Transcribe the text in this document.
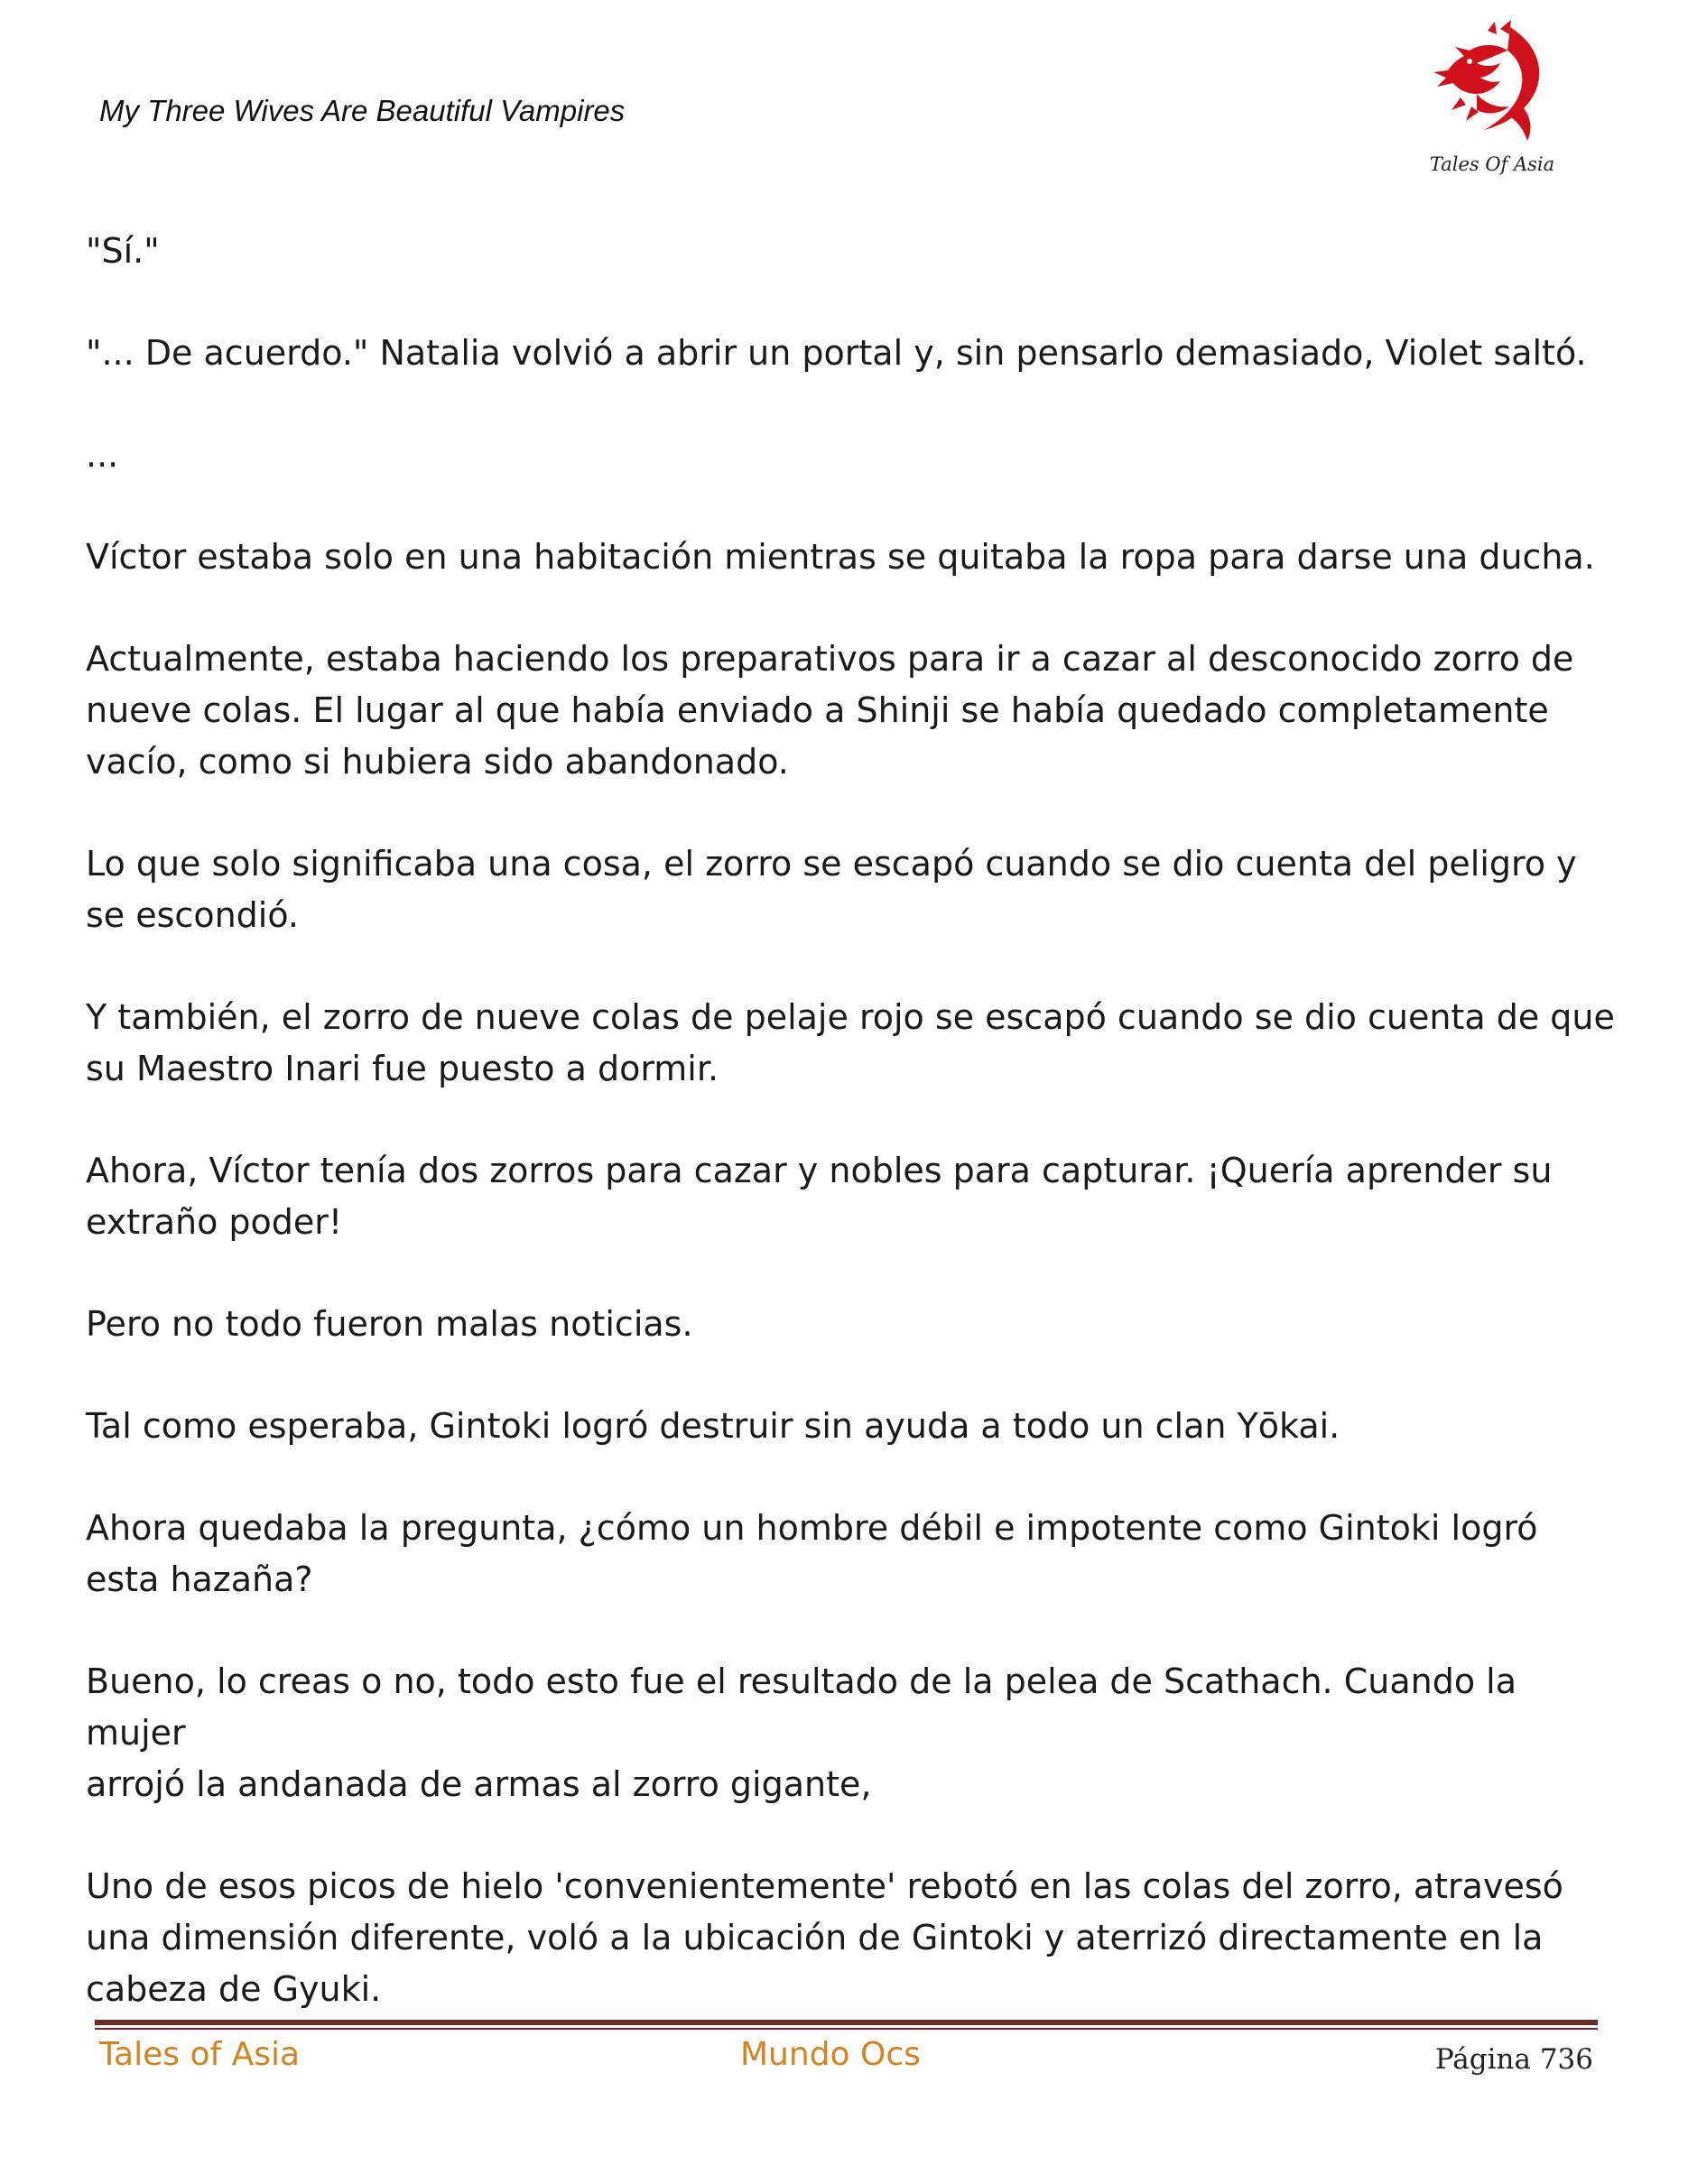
My Three Wives Are Beautiful Vampires
Tales Of Asia

"Sí."

"... De acuerdo." Natalia volvió a abrir un portal y, sin pensarlo demasiado, Violet saltó.

...

Víctor estaba solo en una habitación mientras se quitaba la ropa para darse una ducha.

Actualmente, estaba haciendo los preparativos para ir a cazar al desconocido zorro de
nueve colas. El lugar al que había enviado a Shinji se había quedado completamente
vacío, como si hubiera sido abandonado.

Lo que solo significaba una cosa, el zorro se escapó cuando se dio cuenta del peligro y
se escondió.

Y también, el zorro de nueve colas de pelaje rojo se escapó cuando se dio cuenta de que
su Maestro Inari fue puesto a dormir.

Ahora, Víctor tenía dos zorros para cazar y nobles para capturar. ¡Quería aprender su
extraño poder!

Pero no todo fueron malas noticias.

Tal como esperaba, Gintoki logró destruir sin ayuda a todo un clan Yōkai.

Ahora quedaba la pregunta, ¿cómo un hombre débil e impotente como Gintoki logró
esta hazaña?

Bueno, lo creas o no, todo esto fue el resultado de la pelea de Scathach. Cuando la mujer
arrojó la andanada de armas al zorro gigante,

Uno de esos picos de hielo 'convenientemente' rebotó en las colas del zorro, atravesó
una dimensión diferente, voló a la ubicación de Gintoki y aterrizó directamente en la
cabeza de Gyuki.

Tales of Asia	Mundo Ocs	Página 736
